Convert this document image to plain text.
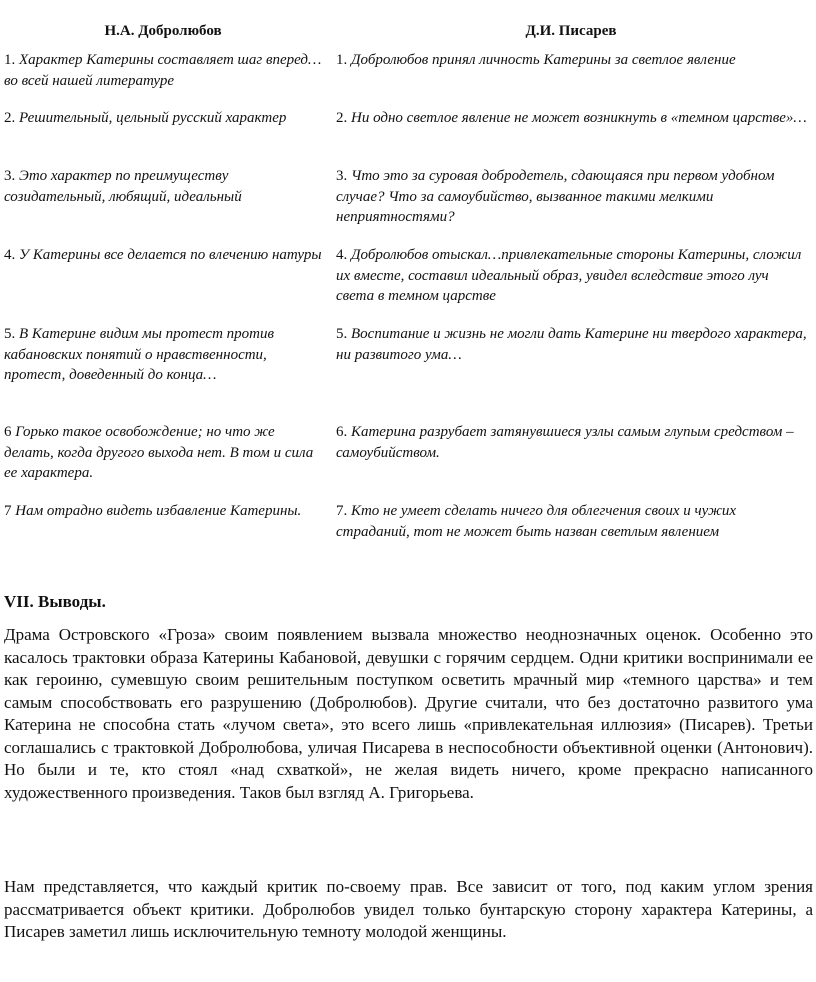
Н.А. Добролюбов	Д.И. Писарев
1. Характер Катерины составляет шаг вперед…во всей нашей литературе	1. Добролюбов принял личность Катерины за светлое явление
2. Решительный, цельный русский характер	2. Ни одно светлое явление не может возникнуть в «темном царстве»…
3. Это характер по преимуществу созидательный, любящий, идеальный	3. Что это за суровая добродетель, сдающаяся при первом удобном случае? Что за самоубийство, вызванное такими мелкими неприятностями?
4. У Катерины все делается по влечению натуры	4. Добролюбов отыскал…привлекательные стороны Катерины, сложил их вместе, составил идеальный образ, увидел вследствие этого луч света в темном царстве
5. В Катерине видим мы протест против кабановских понятий о нравственности, протест, доведенный до конца…	5. Воспитание и жизнь не могли дать Катерине ни твердого характера, ни развитого ума…
6 Горько такое освобождение; но что же делать, когда другого выхода нет. В том и сила ее характера.	6. Катерина разрубает затянувшиеся узлы самым глупым средством – самоубийством.
7 Нам отрадно видеть избавление Катерины.	7. Кто не умеет сделать ничего для облегчения своих и чужих страданий, тот не может быть назван светлым явлением
VII. Выводы.

Драма Островского «Гроза» своим появлением вызвала множество неоднозначных оценок. Особенно это касалось трактовки образа Катерины Кабановой, девушки с горячим сердцем. Одни критики воспринимали ее как героиню, сумевшую своим решительным поступком осветить мрачный мир «темного царства» и тем самым способствовать его разрушению (Добролюбов). Другие считали, что без достаточно развитого ума Катерина не способна стать «лучом света», это всего лишь «привлекательная иллюзия» (Писарев). Третьи соглашались с трактовкой Добролюбова, уличая Писарева в неспособности объективной оценки (Антонович). Но были и те, кто стоял «над схваткой», не желая видеть ничего, кроме прекрасно написанного художественного произведения. Таков был взгляд А. Григорьева.

Нам представляется, что каждый критик по-своему прав. Все зависит от того, под каким углом зрения рассматривается объект критики. Добролюбов увидел только бунтарскую сторону характера Катерины, а Писарев заметил лишь исключительную темноту молодой женщины.
